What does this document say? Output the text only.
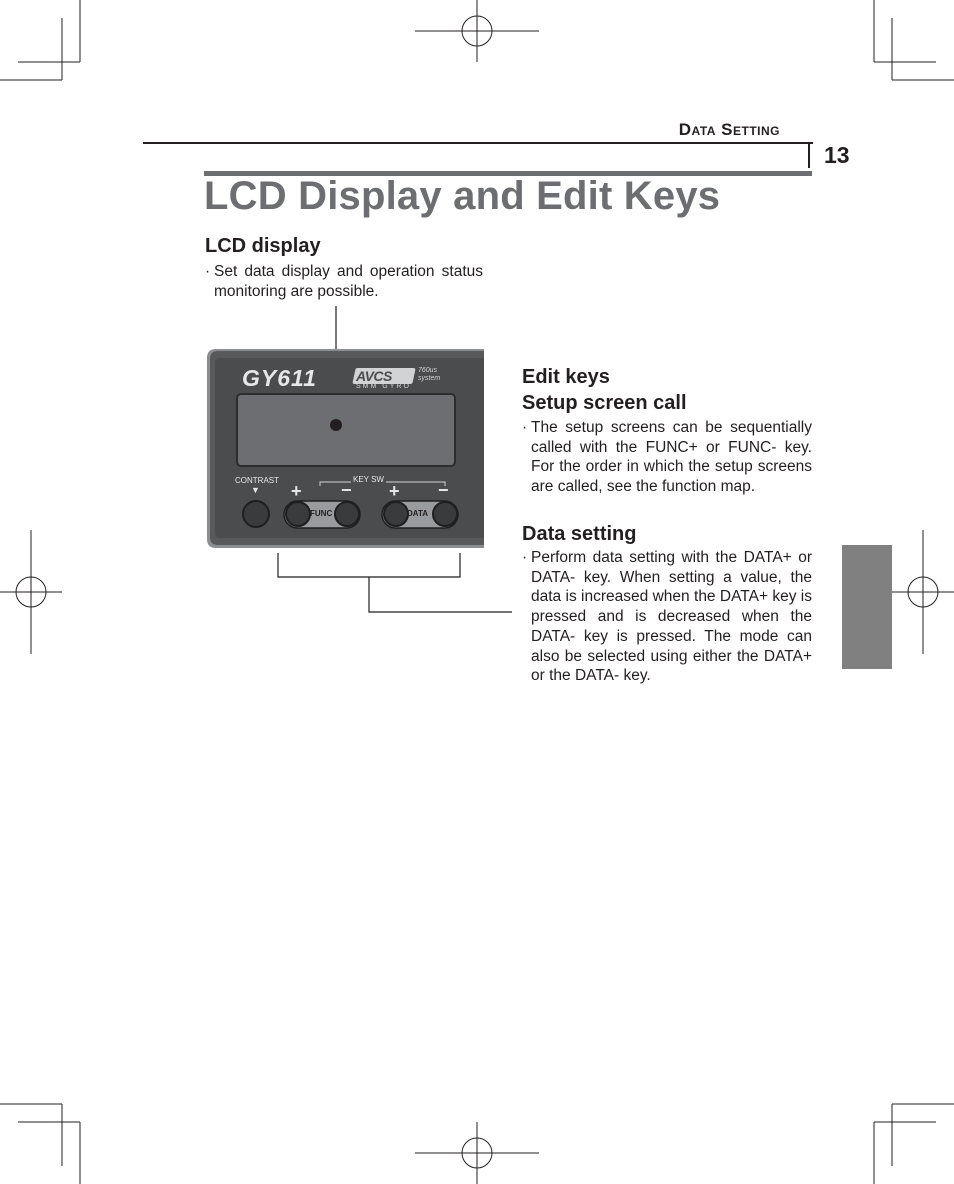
Data Setting
13
LCD Display and Edit Keys
LCD display
· Set data display and operation status monitoring are possible.
GY611	AVCS	760us system
SMM GYRO
CONTRAST
▼
KEY SW
+ − + −
FUNC	DATA
Edit keys
Setup screen call
· The setup screens can be sequentially called with the FUNC+ or FUNC- key. For the order in which the setup screens are called, see the function map.
Data setting
· Perform data setting with the DATA+ or DATA- key. When setting a value, the data is increased when the DATA+ key is pressed and is decreased when the DATA- key is pressed. The mode can also be selected using either the DATA+ or the DATA- key.
